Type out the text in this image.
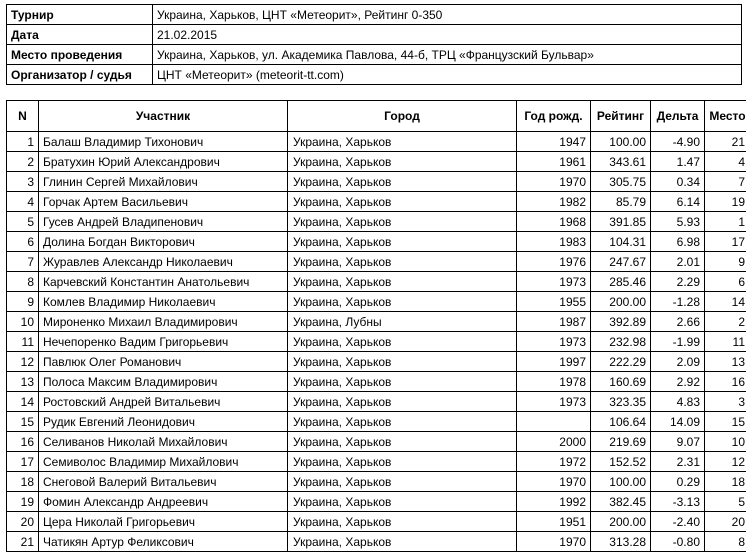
Турнир	Украина, Харьков, ЦНТ «Метеорит», Рейтинг 0-350
Дата	21.02.2015
Место проведения	Украина, Харьков, ул. Академика Павлова, 44-б, ТРЦ «Французский Бульвар»
Организатор / судья	ЦНТ «Метеорит» (meteorit-tt.com)
N	Участник	Город	Год рожд.	Рейтинг	Дельта	Место
1	Балаш Владимир Тихонович	Украина, Харьков	1947	100.00	-4.90	21
2	Братухин Юрий Александрович	Украина, Харьков	1961	343.61	1.47	4
3	Глинин Сергей Михайлович	Украина, Харьков	1970	305.75	0.34	7
4	Горчак Артем Васильевич	Украина, Харьков	1982	85.79	6.14	19
5	Гусев Андрей Владипенович	Украина, Харьков	1968	391.85	5.93	1
6	Долина Богдан Викторович	Украина, Харьков	1983	104.31	6.98	17
7	Журавлев Александр Николаевич	Украина, Харьков	1976	247.67	2.01	9
8	Карчевский Константин Анатольевич	Украина, Харьков	1973	285.46	2.29	6
9	Комлев Владимир Николаевич	Украина, Харьков	1955	200.00	-1.28	14
10	Мироненко Михаил Владимирович	Украина, Лубны	1987	392.89	2.66	2
11	Нечепоренко Вадим Григорьевич	Украина, Харьков	1973	232.98	-1.99	11
12	Павлюк Олег Романович	Украина, Харьков	1997	222.29	2.09	13
13	Полоса Максим Владимирович	Украина, Харьков	1978	160.69	2.92	16
14	Ростовский Андрей Витальевич	Украина, Харьков	1973	323.35	4.83	3
15	Рудик Евгений Леонидович	Украина, Харьков		106.64	14.09	15
16	Селиванов Николай Михайлович	Украина, Харьков	2000	219.69	9.07	10
17	Семиволос Владимир Михайлович	Украина, Харьков	1972	152.52	2.31	12
18	Снеговой Валерий Витальевич	Украина, Харьков	1970	100.00	0.29	18
19	Фомин Александр Андреевич	Украина, Харьков	1992	382.45	-3.13	5
20	Цера Николай Григорьевич	Украина, Харьков	1951	200.00	-2.40	20
21	Чатикян Артур Феликсович	Украина, Харьков	1970	313.28	-0.80	8
